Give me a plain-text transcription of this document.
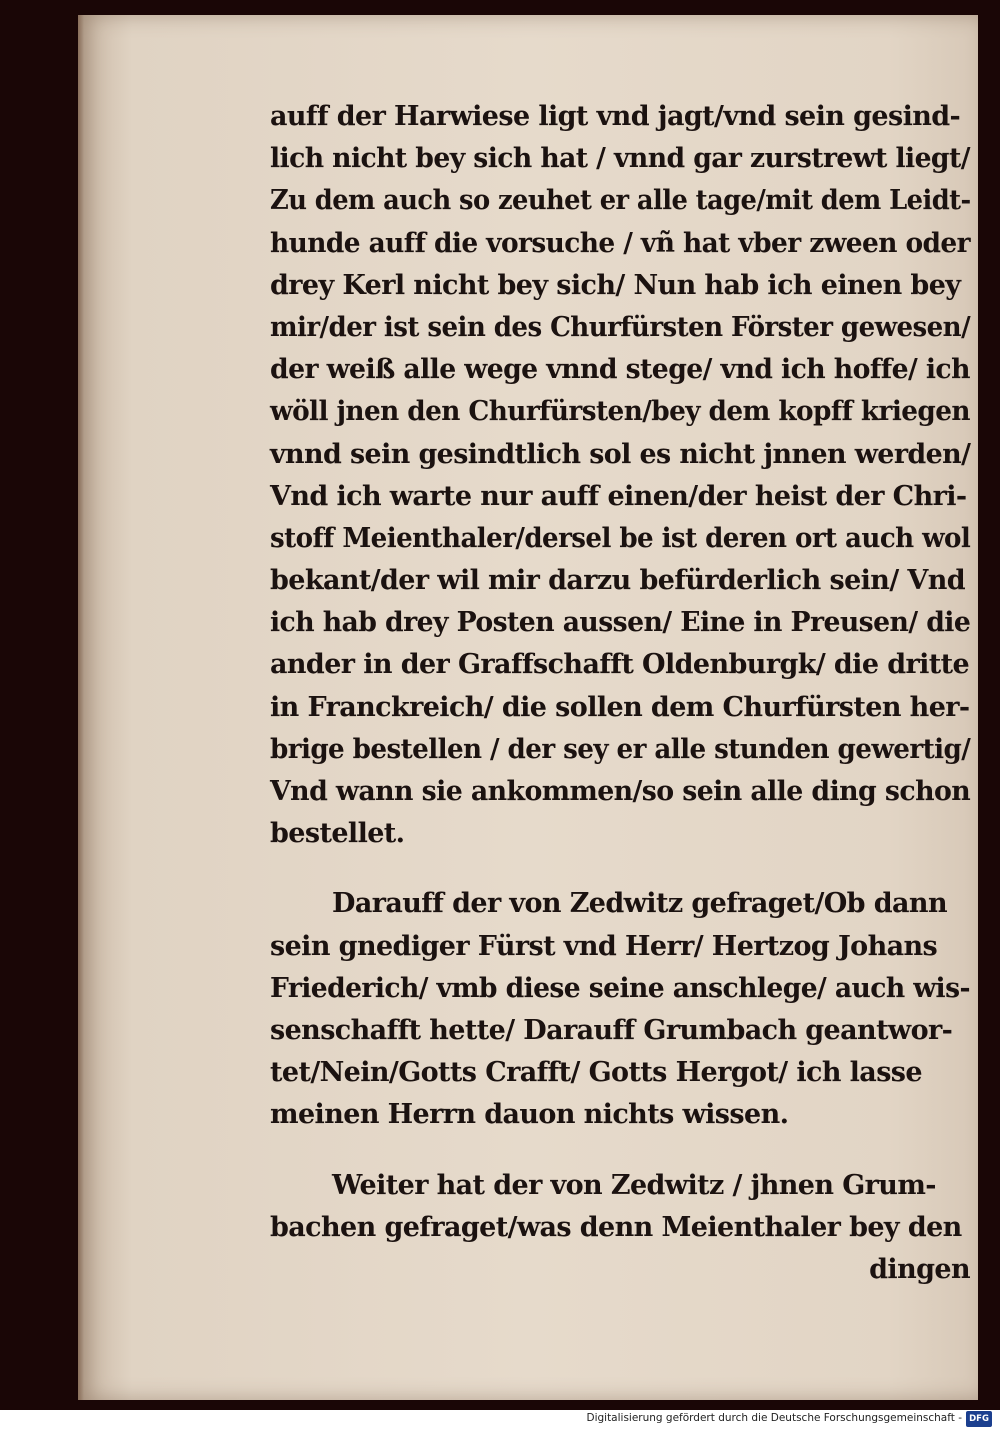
auff der Harwiese ligt vnd jagt/vnd sein gesind-
lich nicht bey sich hat / vnnd gar zurstrewt liegt/
Zu dem auch so zeuhet er alle tage/mit dem Leidt-
hunde auff die vorsuche / vñ hat vber zween oder
drey Kerl nicht bey sich/ Nun hab ich einen bey
mir/der ist sein des Churfürsten Förster gewesen/
der weiß alle wege vnnd stege/ vnd ich hoffe/ ich
wöll jnen den Churfürsten/bey dem kopff kriegen
vnnd sein gesindtlich sol es nicht jnnen werden/
Vnd ich warte nur auff einen/der heist der Chri-
stoff Meienthaler/dersel be ist deren ort auch wol
bekant/der wil mir darzu befürderlich sein/ Vnd
ich hab drey Posten aussen/ Eine in Preusen/ die
ander in der Graffschafft Oldenburgk/ die dritte
in Franckreich/ die sollen dem Churfürsten her-
brige bestellen / der sey er alle stunden gewertig/
Vnd wann sie ankommen/so sein alle ding schon
bestellet.
Darauff der von Zedwitz gefraget/Ob dann
sein gnediger Fürst vnd Herr/ Hertzog Johans
Friederich/ vmb diese seine anschlege/ auch wis-
senschafft hette/ Darauff Grumbach geantwor-
tet/Nein/Gotts Crafft/ Gotts Hergot/ ich lasse
meinen Herrn dauon nichts wissen.
Weiter hat der von Zedwitz / jhnen Grum-
bachen gefraget/was denn Meienthaler bey den
dingen
Digitalisierung gefördert durch die Deutsche Forschungsgemeinschaft - DFG
